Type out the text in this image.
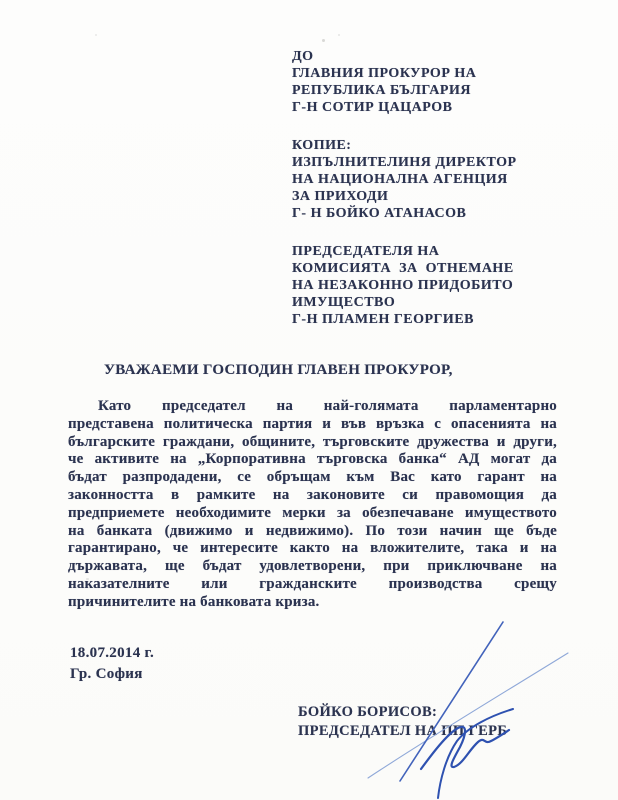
ДО
ГЛАВНИЯ ПРОКУРОР НА
РЕПУБЛИКА БЪЛГАРИЯ
Г-Н СОТИР ЦАЦАРОВ
КОПИЕ:
ИЗПЪЛНИТЕЛИНЯ ДИРЕКТОР
НА НАЦИОНАЛНА АГЕНЦИЯ
ЗА ПРИХОДИ
Г- Н БОЙКО АТАНАСОВ
ПРЕДСЕДАТЕЛЯ НА
КОМИСИЯТА  ЗА  ОТНЕМАНЕ
НА НЕЗАКОННО ПРИДОБИТО
ИМУЩЕСТВО
Г-Н ПЛАМЕН ГЕОРГИЕВ
УВАЖАЕМИ ГОСПОДИН ГЛАВЕН ПРОКУРОР,
Като председател на най-голямата парламентарно
представена политическа партия и във връзка с опасенията на
българските граждани, общините, търговските дружества и други,
че активите на „Корпоративна търговска банка“ АД могат да
бъдат разпродадени, се обръщам към Вас като гарант на
законността в рамките на законовите си правомощия да
предприемете необходимите мерки за обезпечаване имуществото
на банката (движимо и недвижимо). По този начин ще бъде
гарантирано, че интересите както на вложителите, така и на
държавата, ще бъдат удовлетворени, при приключване на
наказателните или гражданските производства срещу
причинителите на банковата криза.
18.07.2014 г.
Гр. София
БОЙКО БОРИСОВ:
ПРЕДСЕДАТЕЛ НА ПП ГЕРБ
